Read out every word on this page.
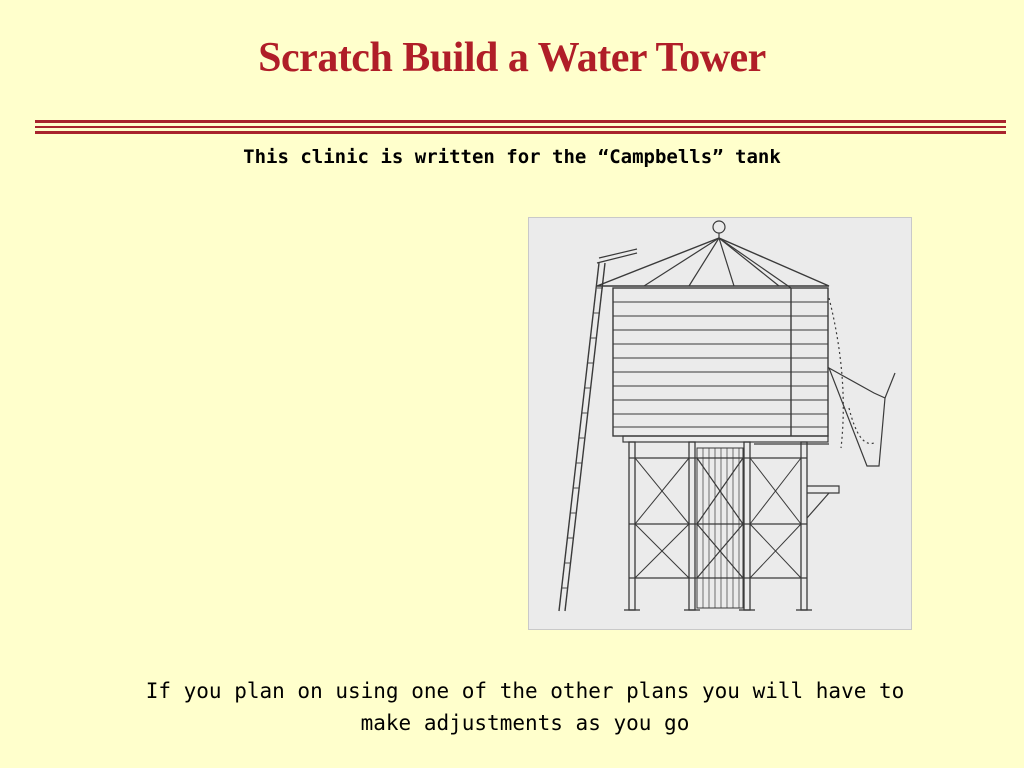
Scratch Build a Water Tower
This clinic is written for the “Campbells” tank
If you plan on using one of the other plans you will have to
make adjustments as you go
